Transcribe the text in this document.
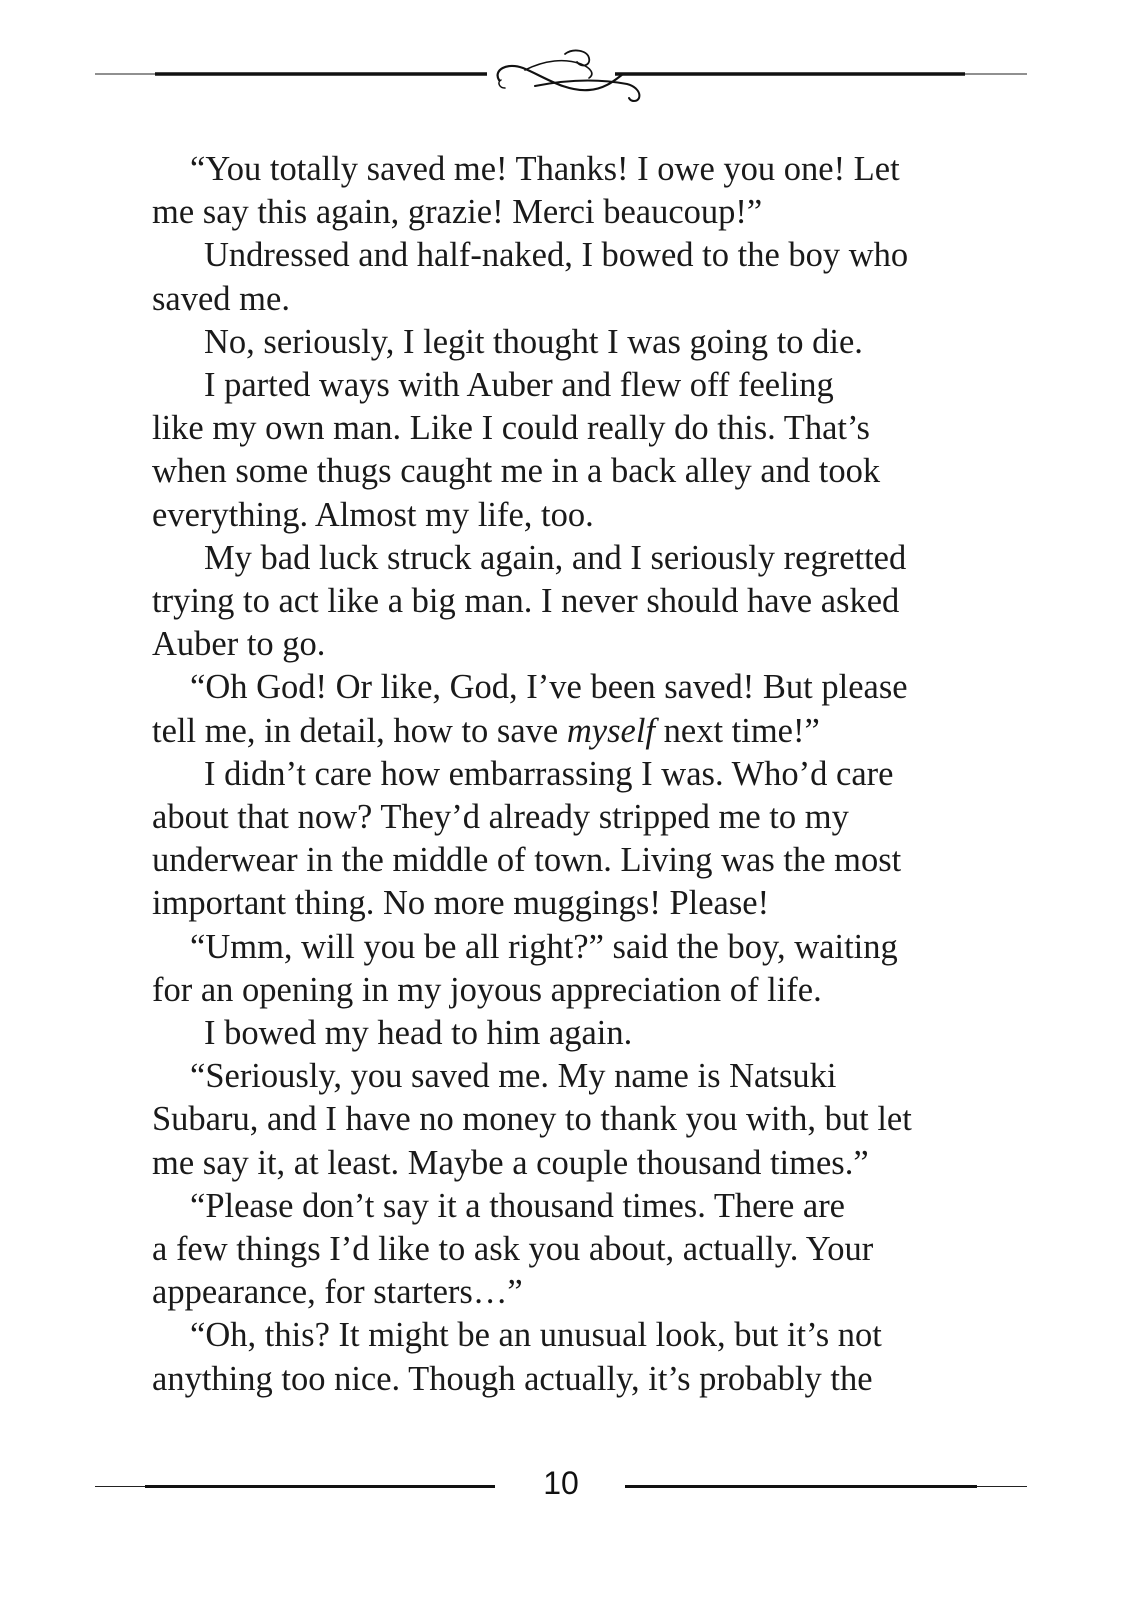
“You totally saved me! Thanks! I owe you one! Let
me say this again, grazie! Merci beaucoup!”
Undressed and half-naked, I bowed to the boy who
saved me.
No, seriously, I legit thought I was going to die.
I parted ways with Auber and flew off feeling
like my own man. Like I could really do this. That’s
when some thugs caught me in a back alley and took
everything. Almost my life, too.
My bad luck struck again, and I seriously regretted
trying to act like a big man. I never should have asked
Auber to go.
“Oh God! Or like, God, I’ve been saved! But please
tell me, in detail, how to save myself next time!”
I didn’t care how embarrassing I was. Who’d care
about that now? They’d already stripped me to my
underwear in the middle of town. Living was the most
important thing. No more muggings! Please!
“Umm, will you be all right?” said the boy, waiting
for an opening in my joyous appreciation of life.
I bowed my head to him again.
“Seriously, you saved me. My name is Natsuki
Subaru, and I have no money to thank you with, but let
me say it, at least. Maybe a couple thousand times.”
“Please don’t say it a thousand times. There are
a few things I’d like to ask you about, actually. Your
appearance, for starters…”
“Oh, this? It might be an unusual look, but it’s not
anything too nice. Though actually, it’s probably the
10
